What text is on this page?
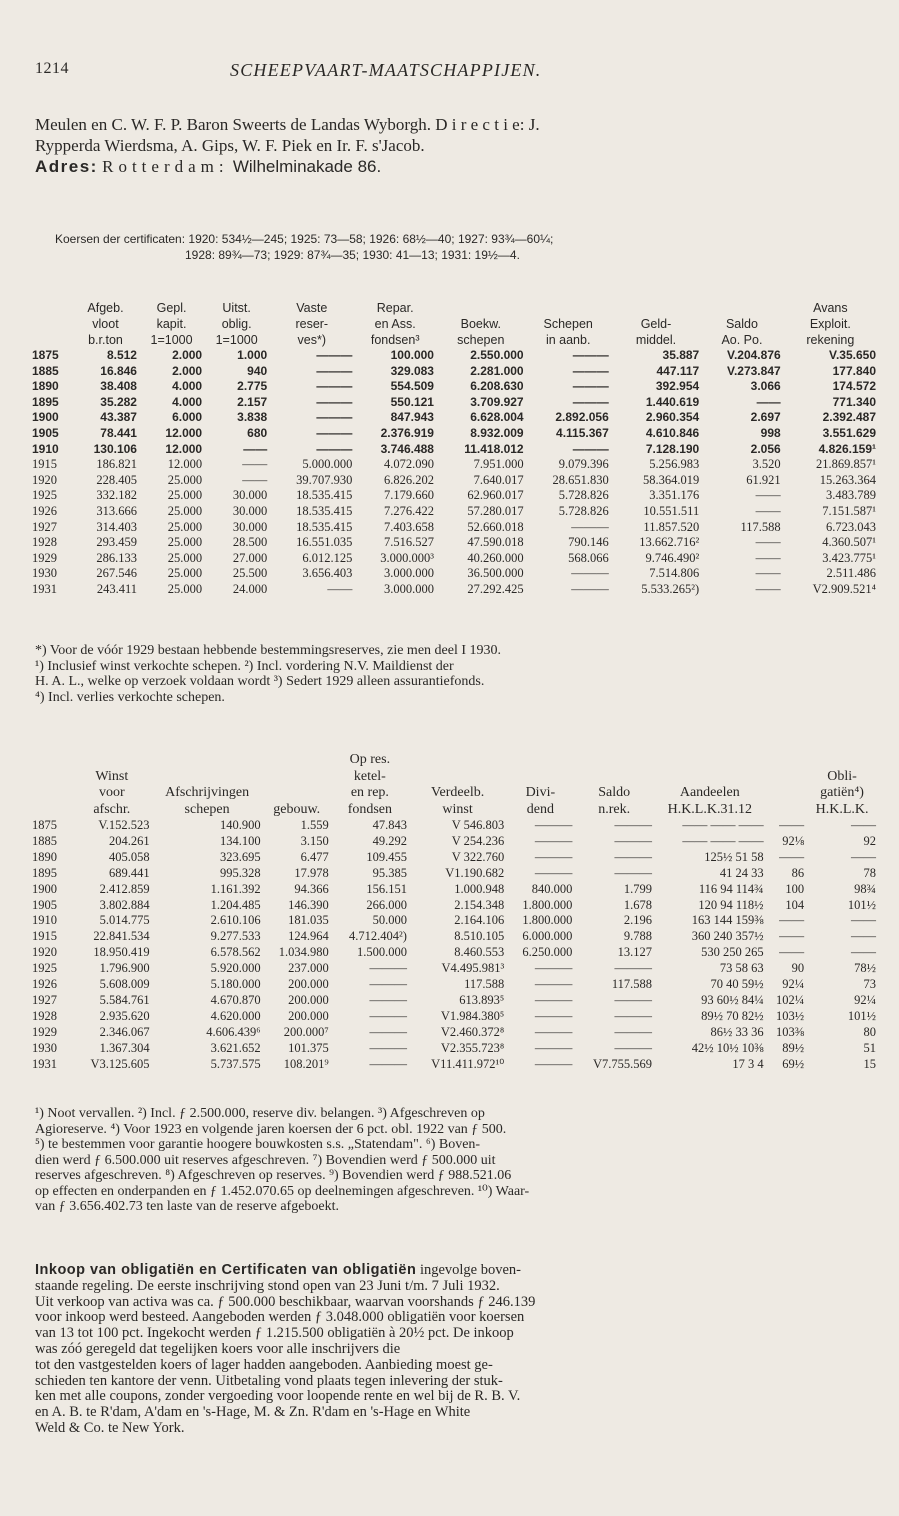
1214	SCHEEPVAART-MAATSCHAPPIJEN.

Meulen en C. W. F. P. Baron Sweerts de Landas Wyborgh. D i r e c t i e: J.

Rypperda Wierdsma, A. Gips, W. F. Piek en Ir. F. s'Jacob.

Adres: Rotterdam: Wilhelminakade 86.

Koersen der certificaten: 1920: 534½—245; 1925: 73—58; 1926: 68½—40; 1927: 93¾—60¼;
1928: 89¾—73; 1929: 87¾—35; 1930: 41—13; 1931: 19½—4.
	Afgeb.	Gepl.	Uitst.	Vaste	Repar.					Avans
	vloot	kapit.	oblig.	reser-	en Ass.	Boekw.	Schepen	Geld-	Saldo	Exploit.
	b.r.ton	1=1000	1=1000	ves*)	fondsen³	schepen	in aanb.	middel.	Ao. Po.	rekening
1875	8.512	2.000	1.000	———	100.000	2.550.000	———	35.887	V.204.876	V.35.650
1885	16.846	2.000	940	———	329.083	2.281.000	———	447.117	V.273.847	177.840
1890	38.408	4.000	2.775	———	554.509	6.208.630	———	392.954	3.066	174.572
1895	35.282	4.000	2.157	———	550.121	3.709.927	———	1.440.619	——	771.340
1900	43.387	6.000	3.838	———	847.943	6.628.004	2.892.056	2.960.354	2.697	2.392.487
1905	78.441	12.000	680	———	2.376.919	8.932.009	4.115.367	4.610.846	998	3.551.629
1910	130.106	12.000	——	———	3.746.488	11.418.012	———	7.128.190	2.056	4.826.159¹
1915	186.821	12.000	——	5.000.000	4.072.090	7.951.000	9.079.396	5.256.983	3.520	21.869.857¹
1920	228.405	25.000	——	39.707.930	6.826.202	7.640.017	28.651.830	58.364.019	61.921	15.263.364
1925	332.182	25.000	30.000	18.535.415	7.179.660	62.960.017	5.728.826	3.351.176	——	3.483.789
1926	313.666	25.000	30.000	18.535.415	7.276.422	57.280.017	5.728.826	10.551.511	——	7.151.587¹
1927	314.403	25.000	30.000	18.535.415	7.403.658	52.660.018	———	11.857.520	117.588	6.723.043
1928	293.459	25.000	28.500	16.551.035	7.516.527	47.590.018	790.146	13.662.716²	——	4.360.507¹
1929	286.133	25.000	27.000	6.012.125	3.000.000³	40.260.000	568.066	9.746.490²	——	3.423.775¹
1930	267.546	25.000	25.500	3.656.403	3.000.000	36.500.000	———	7.514.806	——	2.511.486
1931	243.411	25.000	24.000	——	3.000.000	27.292.425	———	5.533.265²)	——	V2.909.521⁴

*) Voor de vóór 1929 bestaan hebbende bestemmingsreserves, zie men deel I 1930.

¹) Inclusief winst verkochte schepen. ²) Incl. vordering N.V. Maildienst der

H. A. L., welke op verzoek voldaan wordt ³) Sedert 1929 alleen assurantiefonds.

⁴) Incl. verlies verkochte schepen.

				Op res.						
	Winst			ketel-						Obli-
	voor	Afschrijvingen		en rep.	Verdeelb.	Divi-	Saldo	Aandeelen		gatiën⁴)
	afschr.	schepen	gebouw.	fondsen	winst	dend	n.rek.	H.K.L.K.31.12		H.K.L.K.
1875	V.152.523	140.900	1.559	47.843	V 546.803	———	———	—— —— ——	——	——
1885	204.261	134.100	3.150	49.292	V 254.236	———	———	—— —— ——	92⅛	92
1890	405.058	323.695	6.477	109.455	V 322.760	———	———	125½ 51 58	——	——
1895	689.441	995.328	17.978	95.385	V1.190.682	———	———	41 24 33	86	78
1900	2.412.859	1.161.392	94.366	156.151	1.000.948	840.000	1.799	116 94 114¾	100	98¾
1905	3.802.884	1.204.485	146.390	266.000	2.154.348	1.800.000	1.678	120 94 118½	104	101½
1910	5.014.775	2.610.106	181.035	50.000	2.164.106	1.800.000	2.196	163 144 159⅜	——	——
1915	22.841.534	9.277.533	124.964	4.712.404²)	8.510.105	6.000.000	9.788	360 240 357½	——	——
1920	18.950.419	6.578.562	1.034.980	1.500.000	8.460.553	6.250.000	13.127	530 250 265	——	——
1925	1.796.900	5.920.000	237.000	———	V4.495.981³	———	———	73 58 63	90	78½
1926	5.608.009	5.180.000	200.000	———	117.588	———	117.588	70 40 59½	92¼	73
1927	5.584.761	4.670.870	200.000	———	613.893⁵	———	———	93 60½ 84¼	102¼	92¼
1928	2.935.620	4.620.000	200.000	———	V1.984.380⁵	———	———	89½ 70 82½	103½	101½
1929	2.346.067	4.606.439⁶	200.000⁷	———	V2.460.372⁸	———	———	86½ 33 36	103⅜	80
1930	1.367.304	3.621.652	101.375	———	V2.355.723⁸	———	———	42½ 10½ 10⅜	89½	51
1931	V3.125.605	5.737.575	108.201⁹	———	V11.411.972¹⁰	———	V7.755.569	17 3 4	69½	15

¹) Noot vervallen. ²) Incl. ƒ 2.500.000, reserve div. belangen. ³) Afgeschreven op

Agioreserve. ⁴) Voor 1923 en volgende jaren koersen der 6 pct. obl. 1922 van ƒ 500.

⁵) te bestemmen voor garantie hoogere bouwkosten s.s. „Statendam". ⁶) Boven-

dien werd ƒ 6.500.000 uit reserves afgeschreven. ⁷) Bovendien werd ƒ 500.000 uit

reserves afgeschreven. ⁸) Afgeschreven op reserves. ⁹) Bovendien werd ƒ 988.521.06

op effecten en onderpanden en ƒ 1.452.070.65 op deelnemingen afgeschreven. ¹⁰) Waar-

van ƒ 3.656.402.73 ten laste van de reserve afgeboekt.

Inkoop van obligatiën en Certificaten van obligatiën ingevolge boven-

staande regeling. De eerste inschrijving stond open van 23 Juni t/m. 7 Juli 1932.

Uit verkoop van activa was ca. ƒ 500.000 beschikbaar, waarvan voorshands ƒ 246.139

voor inkoop werd besteed. Aangeboden werden ƒ 3.048.000 obligatiën voor koersen

van 13 tot 100 pct. Ingekocht werden ƒ 1.215.500 obligatiën à 20½ pct. De inkoop

was zóó geregeld dat tegelijken koers voor alle inschrijvers die

tot den vastgestelden koers of lager hadden aangeboden. Aanbieding moest ge-

schieden ten kantore der venn. Uitbetaling vond plaats tegen inlevering der stuk-

ken met alle coupons, zonder vergoeding voor loopende rente en wel bij de R. B. V.

en A. B. te R'dam, A'dam en 's-Hage, M. & Zn. R'dam en 's-Hage en White

Weld & Co. te New York.
